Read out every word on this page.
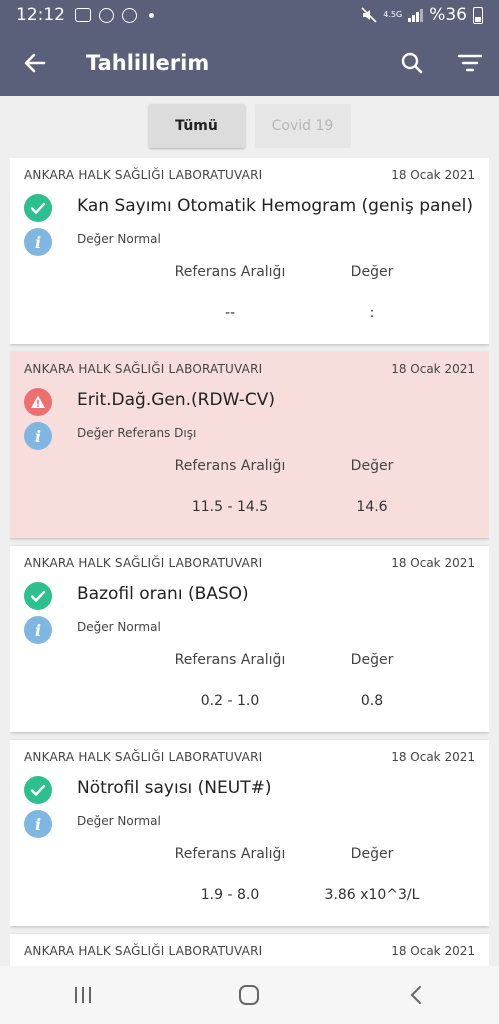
12:12	4.5G %36
Tahlillerim
Tümü	Covid 19
ANKARA HALK SAĞLIĞI LABORATUVARI	18 Ocak 2021
Kan Sayımı Otomatik Hemogram (geniş panel)
i	Değer Normal
Referans Aralığı	Değer
--	:
ANKARA HALK SAĞLIĞI LABORATUVARI	18 Ocak 2021
Erit.Dağ.Gen.(RDW-CV)
i	Değer Referans Dışı
Referans Aralığı	Değer
11.5 - 14.5	14.6
ANKARA HALK SAĞLIĞI LABORATUVARI	18 Ocak 2021
Bazofil oranı (BASO)
i	Değer Normal
Referans Aralığı	Değer
0.2 - 1.0	0.8
ANKARA HALK SAĞLIĞI LABORATUVARI	18 Ocak 2021
Nötrofil sayısı (NEUT#)
i	Değer Normal
Referans Aralığı	Değer
1.9 - 8.0	3.86 x10^3/L
ANKARA HALK SAĞLIĞI LABORATUVARI	18 Ocak 2021
